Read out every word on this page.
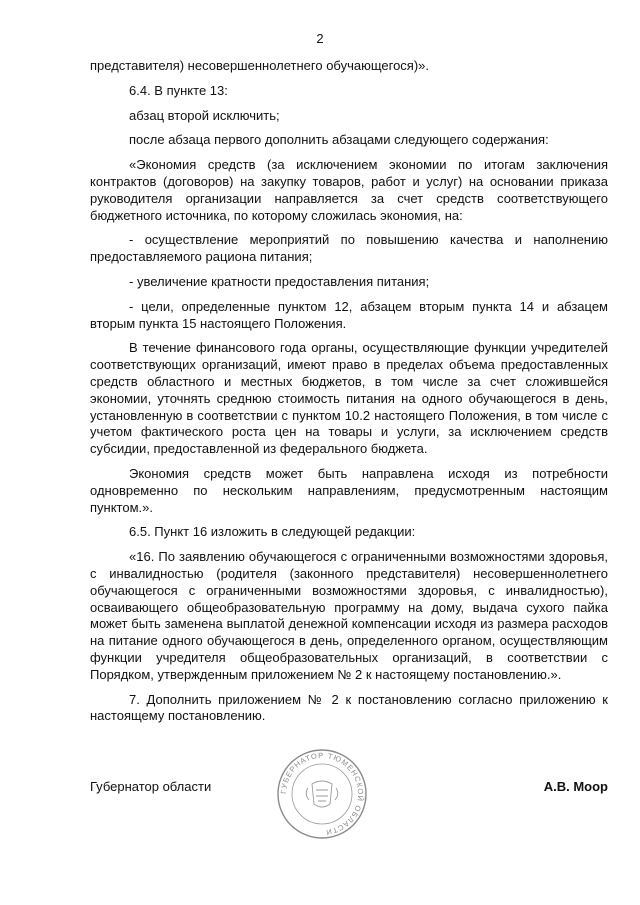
2

представителя) несовершеннолетнего обучающегося)».

6.4. В пункте 13:

абзац второй исключить;

после абзаца первого дополнить абзацами следующего содержания:

«Экономия средств (за исключением экономии по итогам заключения контрактов (договоров) на закупку товаров, работ и услуг) на основании приказа руководителя организации направляется за счет средств соответствующего бюджетного источника, по которому сложилась экономия, на:

- осуществление мероприятий по повышению качества и наполнению предоставляемого рациона питания;

- увеличение кратности предоставления питания;

- цели, определенные пунктом 12, абзацем вторым пункта 14 и абзацем вторым пункта 15 настоящего Положения.

В течение финансового года органы, осуществляющие функции учредителей соответствующих организаций, имеют право в пределах объема предоставленных средств областного и местных бюджетов, в том числе за счет сложившейся экономии, уточнять среднюю стоимость питания на одного обучающегося в день, установленную в соответствии с пунктом 10.2 настоящего Положения, в том числе с учетом фактического роста цен на товары и услуги, за исключением средств субсидии, предоставленной из федерального бюджета.

Экономия средств может быть направлена исходя из потребности одновременно по нескольким направлениям, предусмотренным настоящим пунктом.».

6.5. Пункт 16 изложить в следующей редакции:

«16. По заявлению обучающегося с ограниченными возможностями здоровья, с инвалидностью (родителя (законного представителя) несовершеннолетнего обучающегося с ограниченными возможностями здоровья, с инвалидностью), осваивающего общеобразовательную программу на дому, выдача сухого пайка может быть заменена выплатой денежной компенсации исходя из размера расходов на питание одного обучающегося в день, определенного органом, осуществляющим функции учредителя общеобразовательных организаций, в соответствии с Порядком, утвержденным приложением № 2 к настоящему постановлению.».

7. Дополнить приложением № 2 к постановлению согласно приложению к настоящему постановлению.

ГУБЕРНАТОР ТЮМЕНСКОЙ ОБЛАСТИ
Губернатор области	А.В. Моор
